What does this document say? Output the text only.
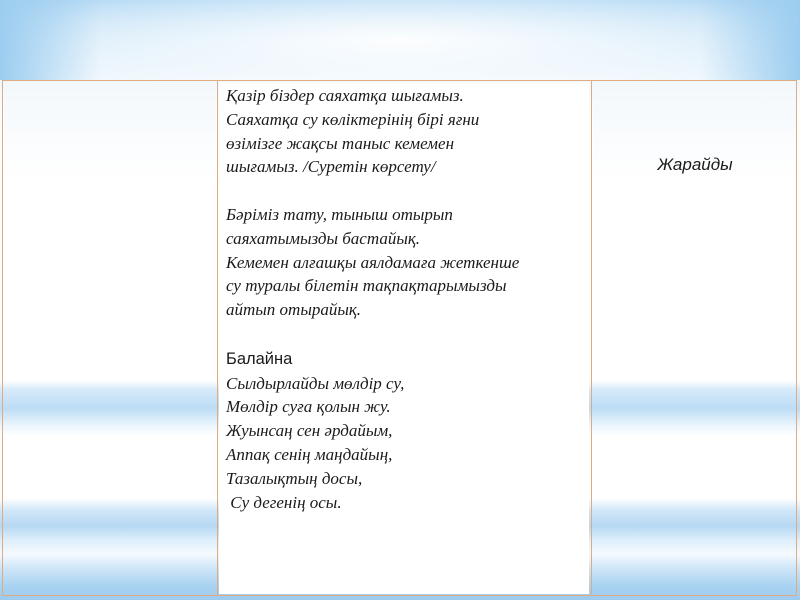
Қазір біздер саяхатқа шығамыз.

Саяхатқа су көліктерінің бірі яғни

өзімізге жақсы таныс кемемен

шығамыз. /Суретін көрсету/

Бәріміз тату, тыныш отырып

саяхатымызды бастайық.

Кемемен алғашқы аялдамаға жеткенше

су туралы білетін тақпақтарымызды

айтып отырайық.

Балайна

Сылдырлайды мөлдір су,

Мөлдір суға қолын жу.

Жуынсаң сен әрдайым,

Аппақ сенің маңдайың,

Тазалықтың досы,

Су дегенің осы.

Жарайды
